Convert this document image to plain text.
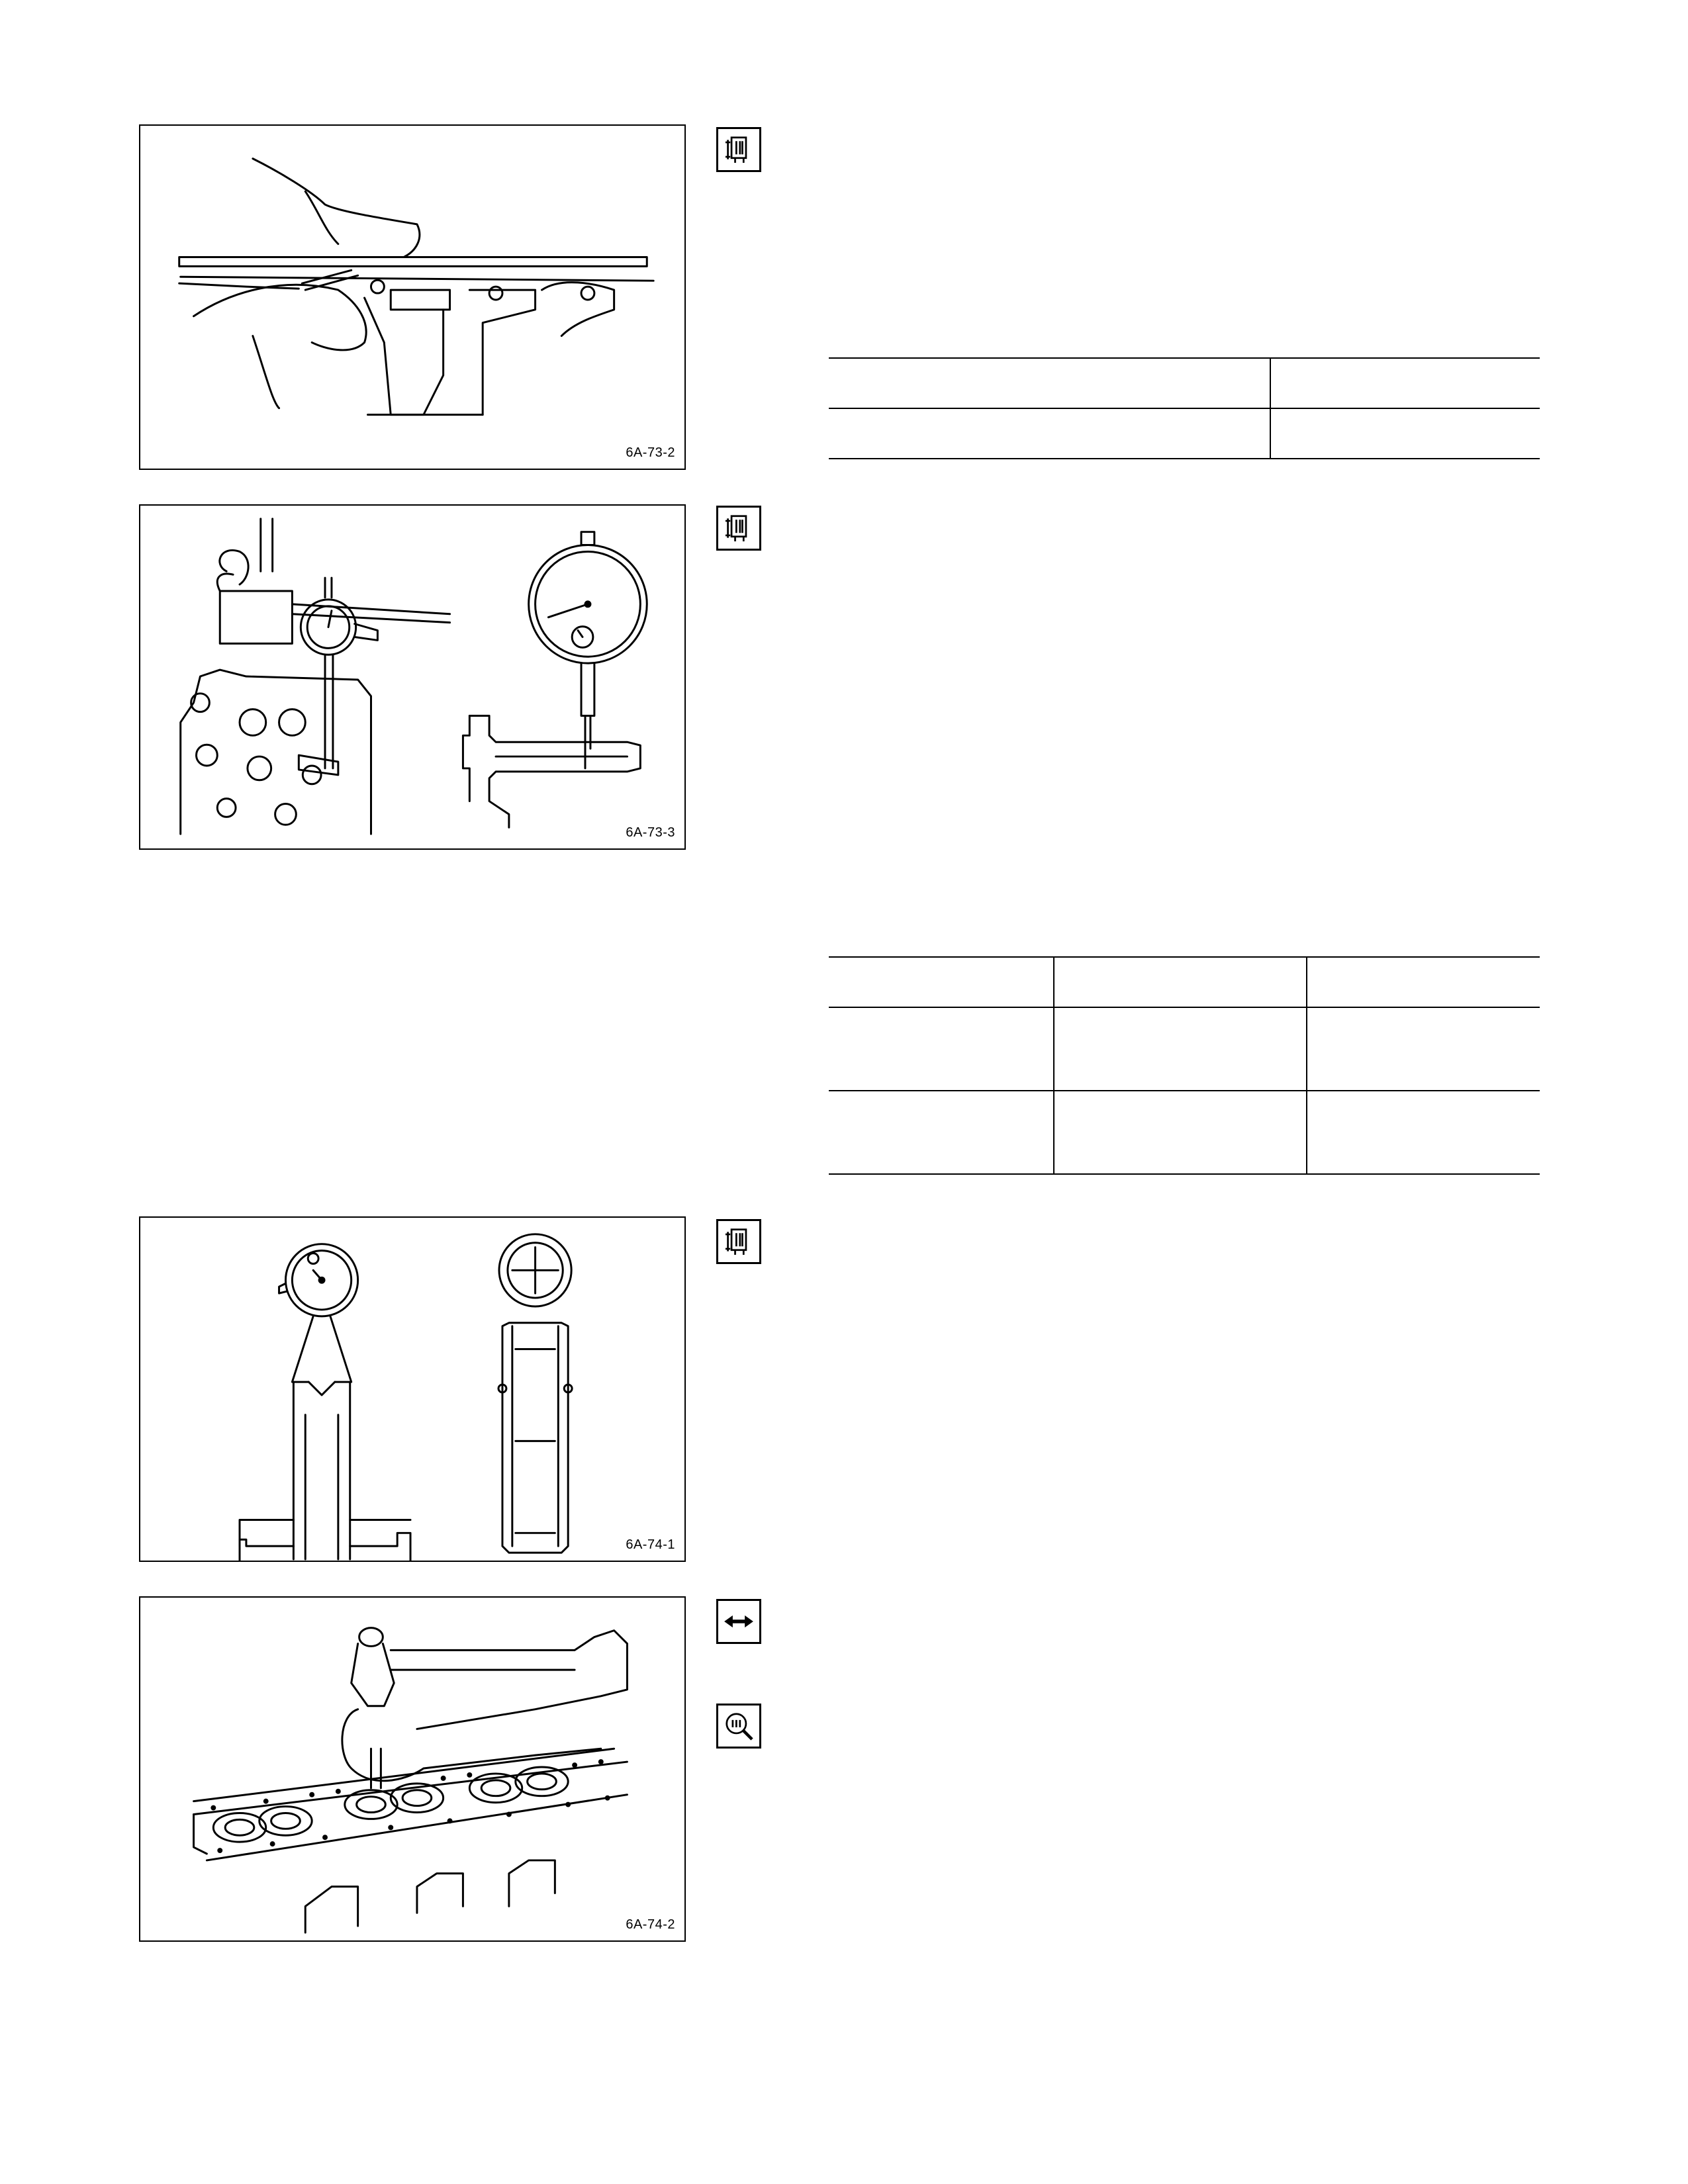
6A-73-2

6A-73-3

6A-74-1
6A-74-2
